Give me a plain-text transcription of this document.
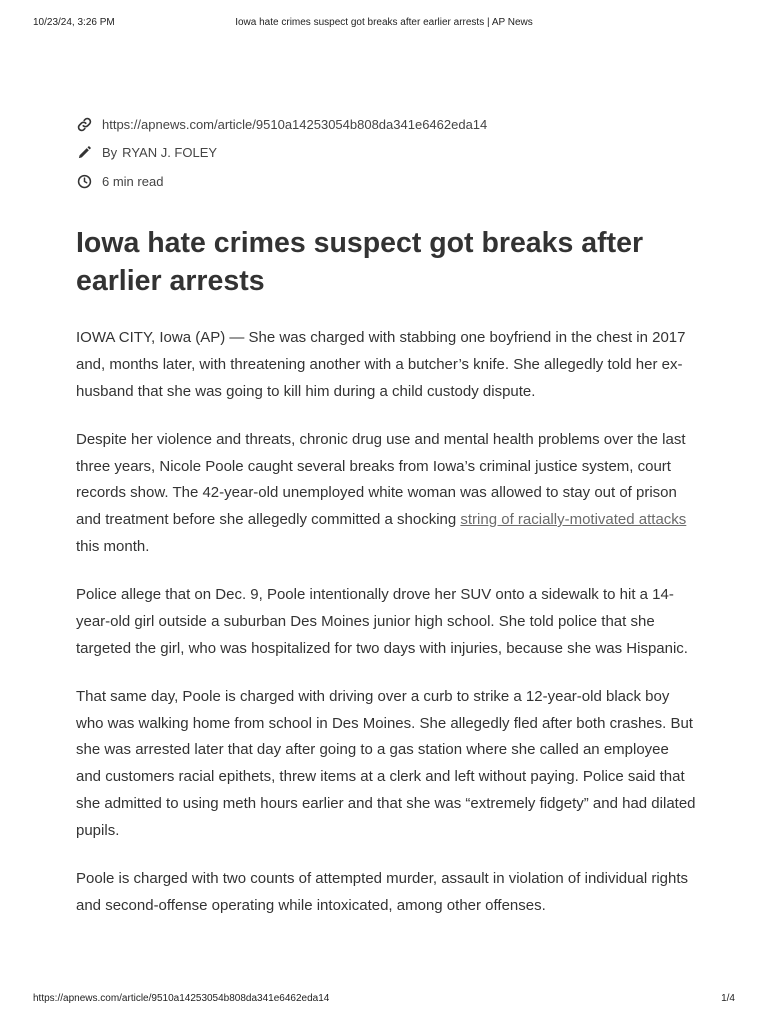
10/23/24, 3:26 PM	Iowa hate crimes suspect got breaks after earlier arrests | AP News
https://apnews.com/article/9510a14253054b808da341e6462eda14
By RYAN J. FOLEY
6 min read
Iowa hate crimes suspect got breaks after earlier arrests

IOWA CITY, Iowa (AP) — She was charged with stabbing one boyfriend in the chest in 2017 and, months later, with threatening another with a butcher’s knife. She allegedly told her ex-husband that she was going to kill him during a child custody dispute.

Despite her violence and threats, chronic drug use and mental health problems over the last three years, Nicole Poole caught several breaks from Iowa’s criminal justice system, court records show. The 42-year-old unemployed white woman was allowed to stay out of prison and treatment before she allegedly committed a shocking string of racially-motivated attacks this month.

Police allege that on Dec. 9, Poole intentionally drove her SUV onto a sidewalk to hit a 14-year-old girl outside a suburban Des Moines junior high school. She told police that she targeted the girl, who was hospitalized for two days with injuries, because she was Hispanic.

That same day, Poole is charged with driving over a curb to strike a 12-year-old black boy who was walking home from school in Des Moines. She allegedly fled after both crashes. But she was arrested later that day after going to a gas station where she called an employee and customers racial epithets, threw items at a clerk and left without paying. Police said that she admitted to using meth hours earlier and that she was “extremely fidgety” and had dilated pupils.

Poole is charged with two counts of attempted murder, assault in violation of individual rights and second-offense operating while intoxicated, among other offenses.

https://apnews.com/article/9510a14253054b808da341e6462eda14	1/4
